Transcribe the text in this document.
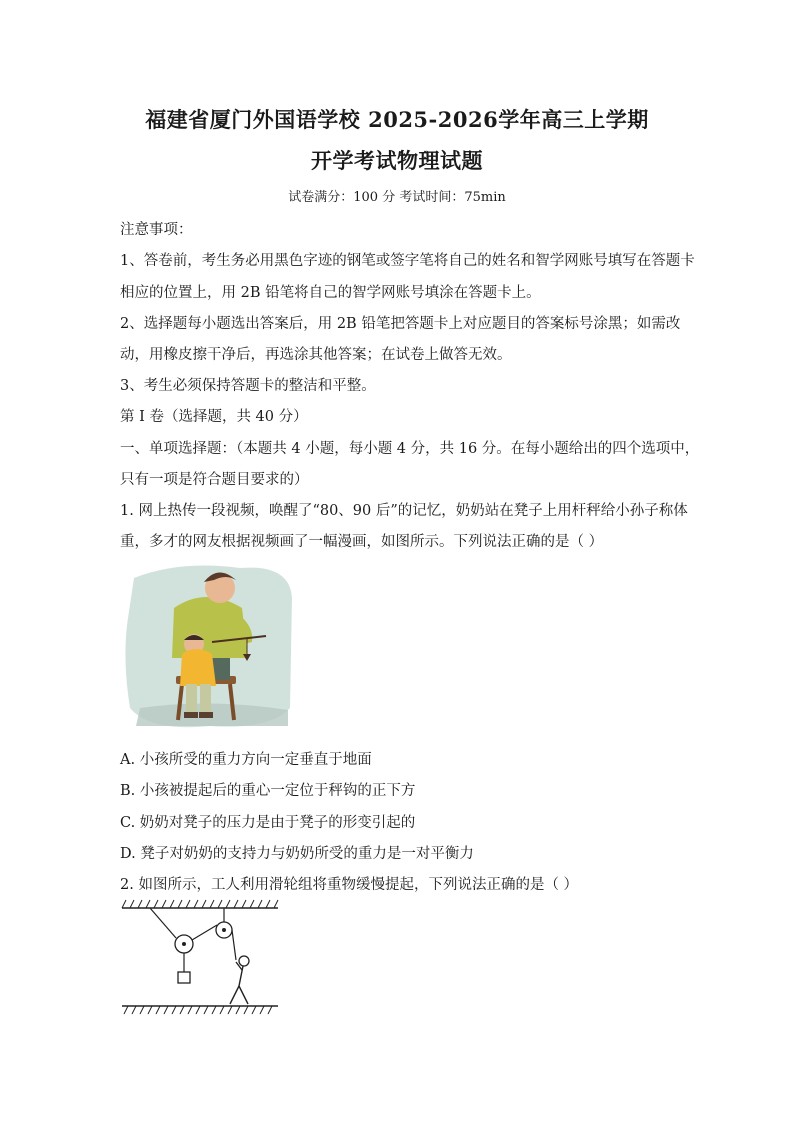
福建省厦门外国语学校 2025-2026学年高三上学期
开学考试物理试题
试卷满分：100 分 考试时间：75min
注意事项：
1、答卷前，考生务必用黑色字迹的钢笔或签字笔将自己的姓名和智学网账号填写在答题卡
相应的位置上，用 2B 铅笔将自己的智学网账号填涂在答题卡上。
2、选择题每小题选出答案后，用 2B 铅笔把答题卡上对应题目的答案标号涂黑；如需改
动，用橡皮擦干净后，再选涂其他答案；在试卷上做答无效。
3、考生必须保持答题卡的整洁和平整。
第 I 卷（选择题，共 40 分）
一、单项选择题：（本题共 4 小题，每小题 4 分，共 16 分。在每小题给出的四个选项中，
只有一项是符合题目要求的）
1. 网上热传一段视频，唤醒了“80、90 后”的记忆，奶奶站在凳子上用杆秤给小孙子称体
重，多才的网友根据视频画了一幅漫画，如图所示。下列说法正确的是（ ）
A. 小孩所受的重力方向一定垂直于地面
B. 小孩被提起后的重心一定位于秤钩的正下方
C. 奶奶对凳子的压力是由于凳子的形变引起的
D. 凳子对奶奶的支持力与奶奶所受的重力是一对平衡力
2. 如图所示，工人利用滑轮组将重物缓慢提起，下列说法正确的是（ ）
